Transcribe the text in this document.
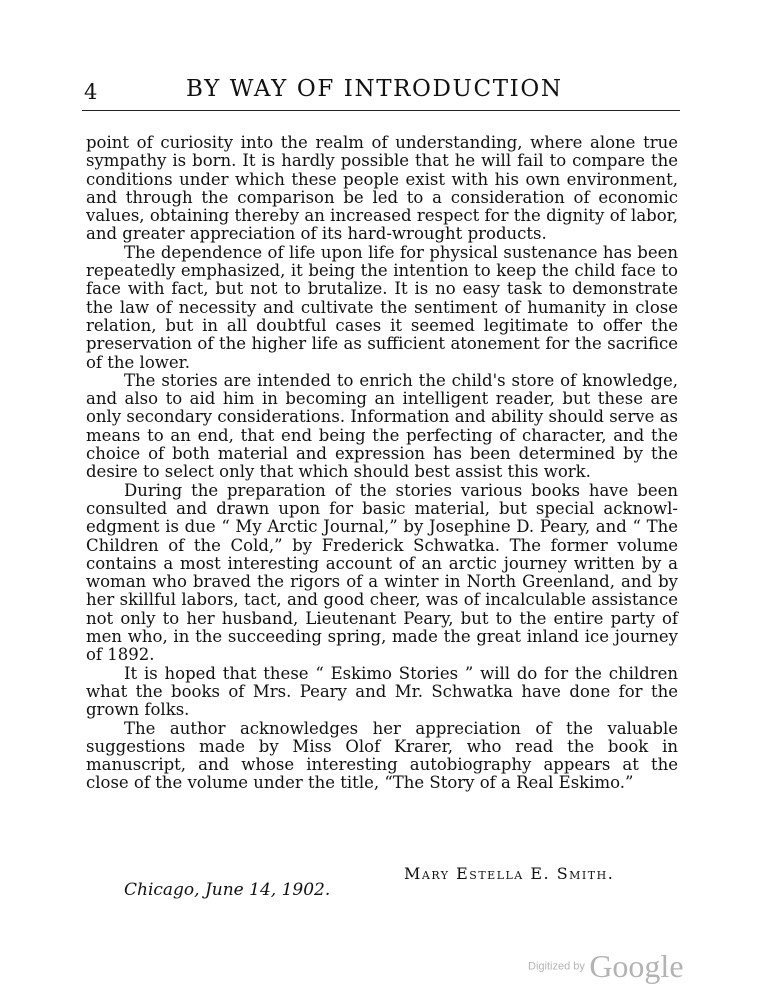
4	BY WAY OF INTRODUCTION

point of curiosity into the realm of understanding, where alone true sympathy is born. It is hardly possible that he will fail to compare the conditions under which these people exist with his own environment, and through the comparison be led to a consideration of economic values, obtaining thereby an increased respect for the dignity of labor, and greater appreciation of its hard-wrought products.

The dependence of life upon life for physical sustenance has been repeatedly emphasized, it being the intention to keep the child face to face with fact, but not to brutalize. It is no easy task to demonstrate the law of necessity and cultivate the sentiment of humanity in close relation, but in all doubtful cases it seemed legitimate to offer the preservation of the higher life as sufficient atonement for the sacrifice of the lower.

The stories are intended to enrich the child's store of knowledge, and also to aid him in becoming an intelligent reader, but these are only secondary considerations. Information and ability should serve as means to an end, that end being the perfecting of character, and the choice of both material and expression has been determined by the desire to select only that which should best assist this work.

During the preparation of the stories various books have been consulted and drawn upon for basic material, but special acknowledgment is due “ My Arctic Journal,” by Josephine D. Peary, and “ The Children of the Cold,” by Frederick Schwatka. The former volume contains a most interesting account of an arctic journey written by a woman who braved the rigors of a winter in North Greenland, and by her skillful labors, tact, and good cheer, was of incalculable assistance not only to her husband, Lieutenant Peary, but to the entire party of men who, in the succeeding spring, made the great inland ice journey of 1892.

It is hoped that these “ Eskimo Stories ” will do for the children what the books of Mrs. Peary and Mr. Schwatka have done for the grown folks.

The author acknowledges her appreciation of the valuable suggestions made by Miss Olof Krarer, who read the book in manuscript, and whose interesting autobiography appears at the close of the volume under the title, “The Story of a Real Eskimo.”

Mary Estella E. Smith.
Chicago, June 14, 1902.
Digitized by Google
